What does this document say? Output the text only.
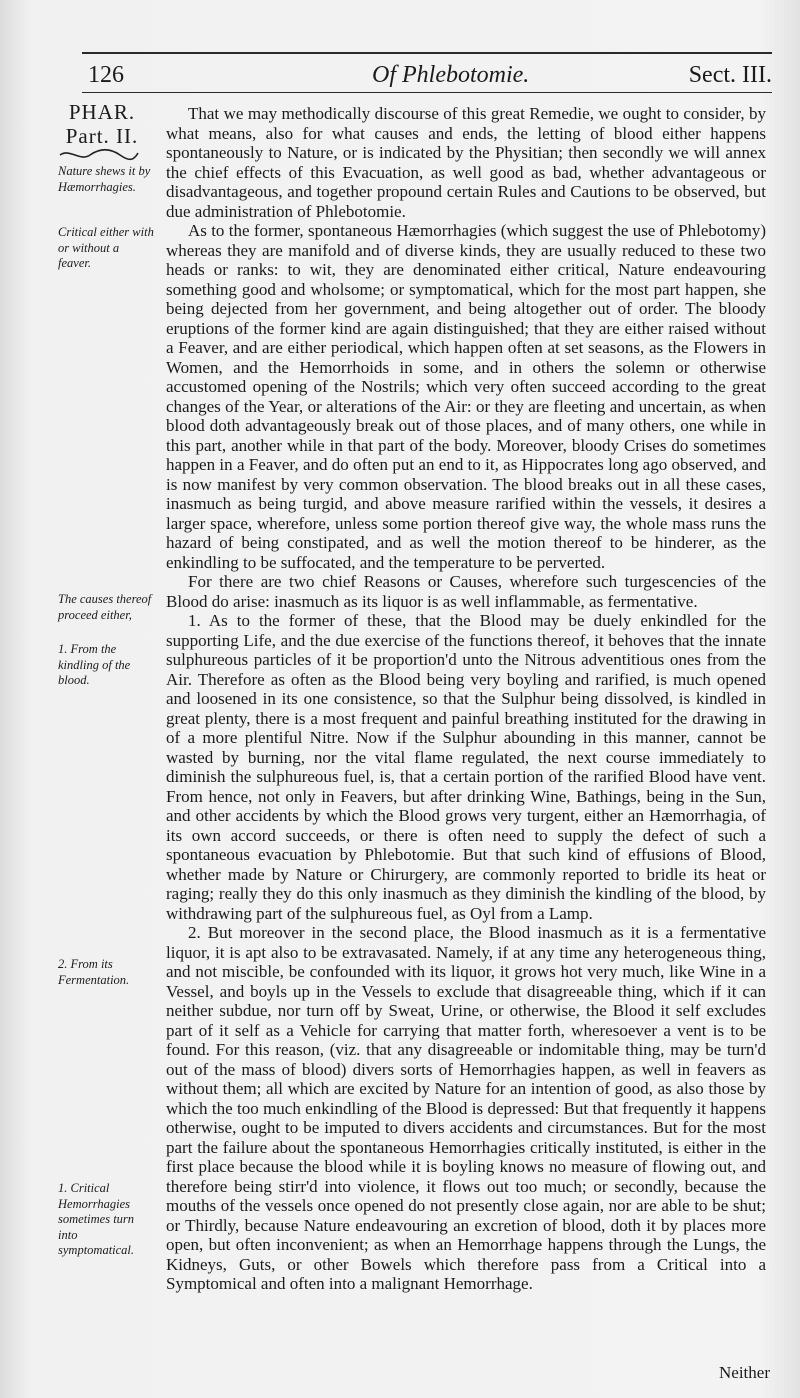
126	Of Phlebotomie.	Sect. III.
PHAR.
Part. II.
Nature shews it by Hæmorrhagies.
Critical either with or without a feaver.
The causes thereof proceed either,
1. From the kindling of the blood.
2. From its Fermentation.
1. Critical Hemorrhagies sometimes turn into symptomatical.

That we may methodically discourse of this great Remedie, we ought to consider, by what means, also for what causes and ends, the letting of blood either happens spontaneously to Nature, or is indicated by the Physitian; then secondly we will annex the chief effects of this Evacuation, as well good as bad, whether advantageous or disadvantageous, and together propound certain Rules and Cautions to be observed, but due administration of Phlebotomie.

As to the former, spontaneous Hæmorrhagies (which suggest the use of Phlebotomy) whereas they are manifold and of diverse kinds, they are usually reduced to these two heads or ranks: to wit, they are denominated either critical, Nature endeavouring something good and wholsome; or symptomatical, which for the most part happen, she being dejected from her government, and being altogether out of order. The bloody eruptions of the former kind are again distinguished; that they are either raised without a Feaver, and are either periodical, which happen often at set seasons, as the Flowers in Women, and the Hemorrhoids in some, and in others the solemn or otherwise accustomed opening of the Nostrils; which very often succeed according to the great changes of the Year, or alterations of the Air: or they are fleeting and uncertain, as when blood doth advantageously break out of those places, and of many others, one while in this part, another while in that part of the body. Moreover, bloody Crises do sometimes happen in a Feaver, and do often put an end to it, as Hippocrates long ago observed, and is now manifest by very common observation. The blood breaks out in all these cases, inasmuch as being turgid, and above measure rarified within the vessels, it desires a larger space, wherefore, unless some portion thereof give way, the whole mass runs the hazard of being constipated, and as well the motion thereof to be hinderer, as the enkindling to be suffocated, and the temperature to be perverted.

For there are two chief Reasons or Causes, wherefore such turgescencies of the Blood do arise: inasmuch as its liquor is as well inflammable, as fermentative.

1. As to the former of these, that the Blood may be duely enkindled for the supporting Life, and the due exercise of the functions thereof, it behoves that the innate sulphureous particles of it be proportion'd unto the Nitrous adventitious ones from the Air. Therefore as often as the Blood being very boyling and rarified, is much opened and loosened in its one consistence, so that the Sulphur being dissolved, is kindled in great plenty, there is a most frequent and painful breathing instituted for the drawing in of a more plentiful Nitre. Now if the Sulphur abounding in this manner, cannot be wasted by burning, nor the vital flame regulated, the next course immediately to diminish the sulphureous fuel, is, that a certain portion of the rarified Blood have vent. From hence, not only in Feavers, but after drinking Wine, Bathings, being in the Sun, and other accidents by which the Blood grows very turgent, either an Hæmorrhagia, of its own accord succeeds, or there is often need to supply the defect of such a spontaneous evacuation by Phlebotomie. But that such kind of effusions of Blood, whether made by Nature or Chirurgery, are commonly reported to bridle its heat or raging; really they do this only inasmuch as they diminish the kindling of the blood, by withdrawing part of the sulphureous fuel, as Oyl from a Lamp.

2. But moreover in the second place, the Blood inasmuch as it is a fermentative liquor, it is apt also to be extravasated. Namely, if at any time any heterogeneous thing, and not miscible, be confounded with its liquor, it grows hot very much, like Wine in a Vessel, and boyls up in the Vessels to exclude that disagreeable thing, which if it can neither subdue, nor turn off by Sweat, Urine, or otherwise, the Blood it self excludes part of it self as a Vehicle for carrying that matter forth, wheresoever a vent is to be found. For this reason, (viz. that any disagreeable or indomitable thing, may be turn'd out of the mass of blood) divers sorts of Hemorrhagies happen, as well in feavers as without them; all which are excited by Nature for an intention of good, as also those by which the too much enkindling of the Blood is depressed: But that frequently it happens otherwise, ought to be imputed to divers accidents and circumstances. But for the most part the failure about the spontaneous Hemorrhagies critically instituted, is either in the first place because the blood while it is boyling knows no measure of flowing out, and therefore being stirr'd into violence, it flows out too much; or secondly, because the mouths of the vessels once opened do not presently close again, nor are able to be shut; or Thirdly, because Nature endeavouring an excretion of blood, doth it by places more open, but often inconvenient; as when an Hemorrhage happens through the Lungs, the Kidneys, Guts, or other Bowels which therefore pass from a Critical into a Symptomical and often into a malignant Hemorrhage.

Neither
